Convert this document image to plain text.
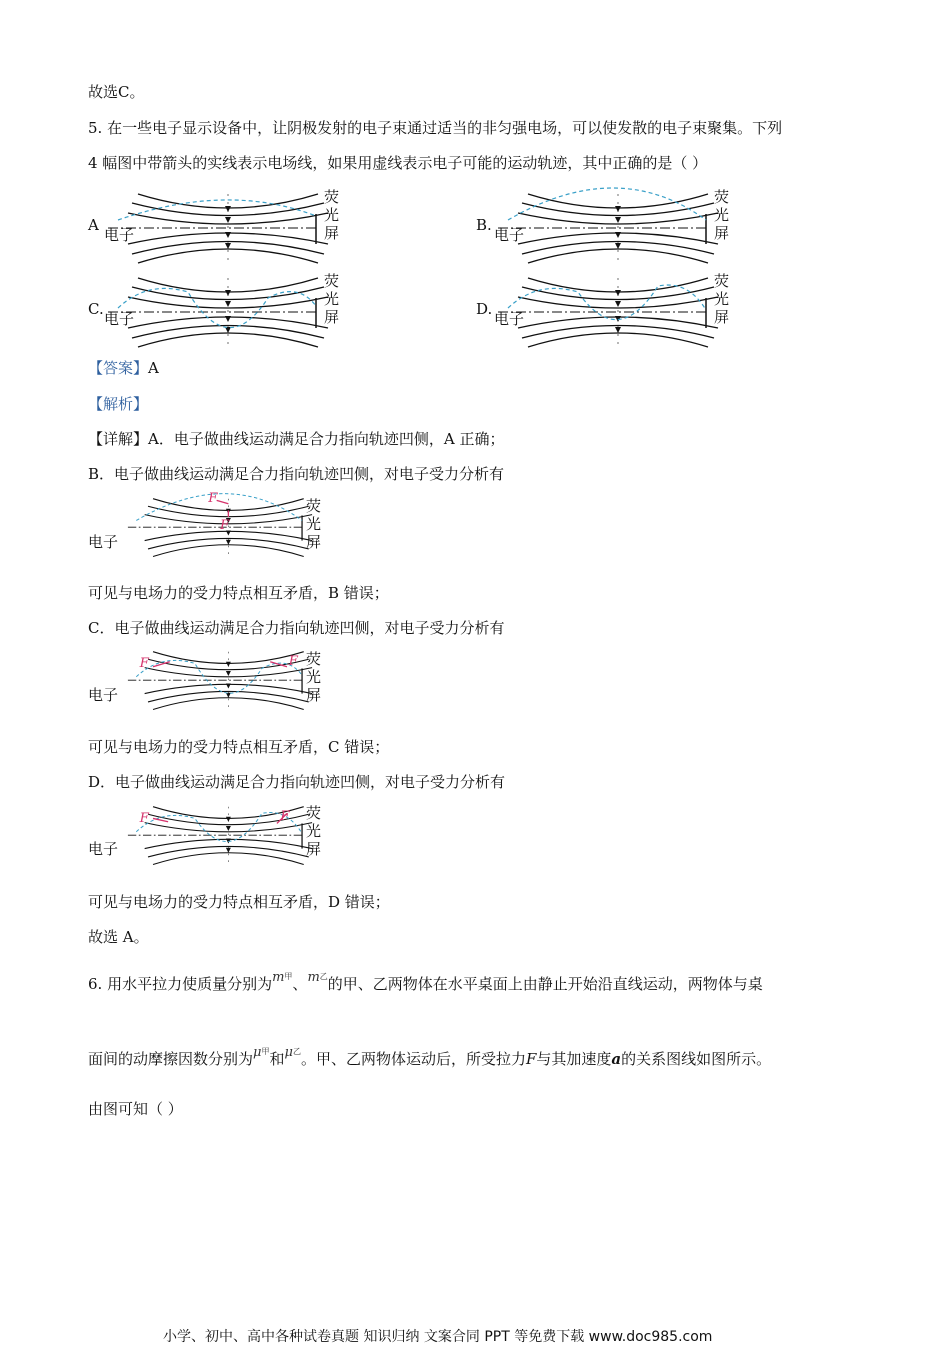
故选C。
5. 在一些电子显示设备中，让阴极发射的电子束通过适当的非匀强电场，可以使发散的电子束聚集。下列
4 幅图中带箭头的实线表示电场线，如果用虚线表示电子可能的运动轨迹，其中正确的是（ ）
A
电子
荧
光
屏	B.
电子
荧
光
屏
C.
电子
荧
光
屏	D.
电子
荧
光
屏
【答案】A
【解析】
【详解】A．电子做曲线运动满足合力指向轨迹凹侧，A 正确；
B．电子做曲线运动满足合力指向轨迹凹侧，对电子受力分析有
F
F
电子
荧
光
屏
可见与电场力的受力特点相互矛盾，B 错误；
C．电子做曲线运动满足合力指向轨迹凹侧，对电子受力分析有
F	F
电子
荧
光
屏
可见与电场力的受力特点相互矛盾，C 错误；
D．电子做曲线运动满足合力指向轨迹凹侧，对电子受力分析有
F	F
电子
荧
光
屏
可见与电场力的受力特点相互矛盾，D 错误；
故选 A。
6. 用水平拉力使质量分别为$m^甲$、$m^乙$的甲、乙两物体在水平桌面上由静止开始沿直线运动，两物体与桌
面间的动摩擦因数分别为$\mu^甲$和$\mu^乙$。甲、乙两物体运动后，所受拉力F与其加速度a的关系图线如图所示。
由图可知（ ）
小学、初中、高中各种试卷真题 知识归纳 文案合同 PPT 等免费下载 www.doc985.com
